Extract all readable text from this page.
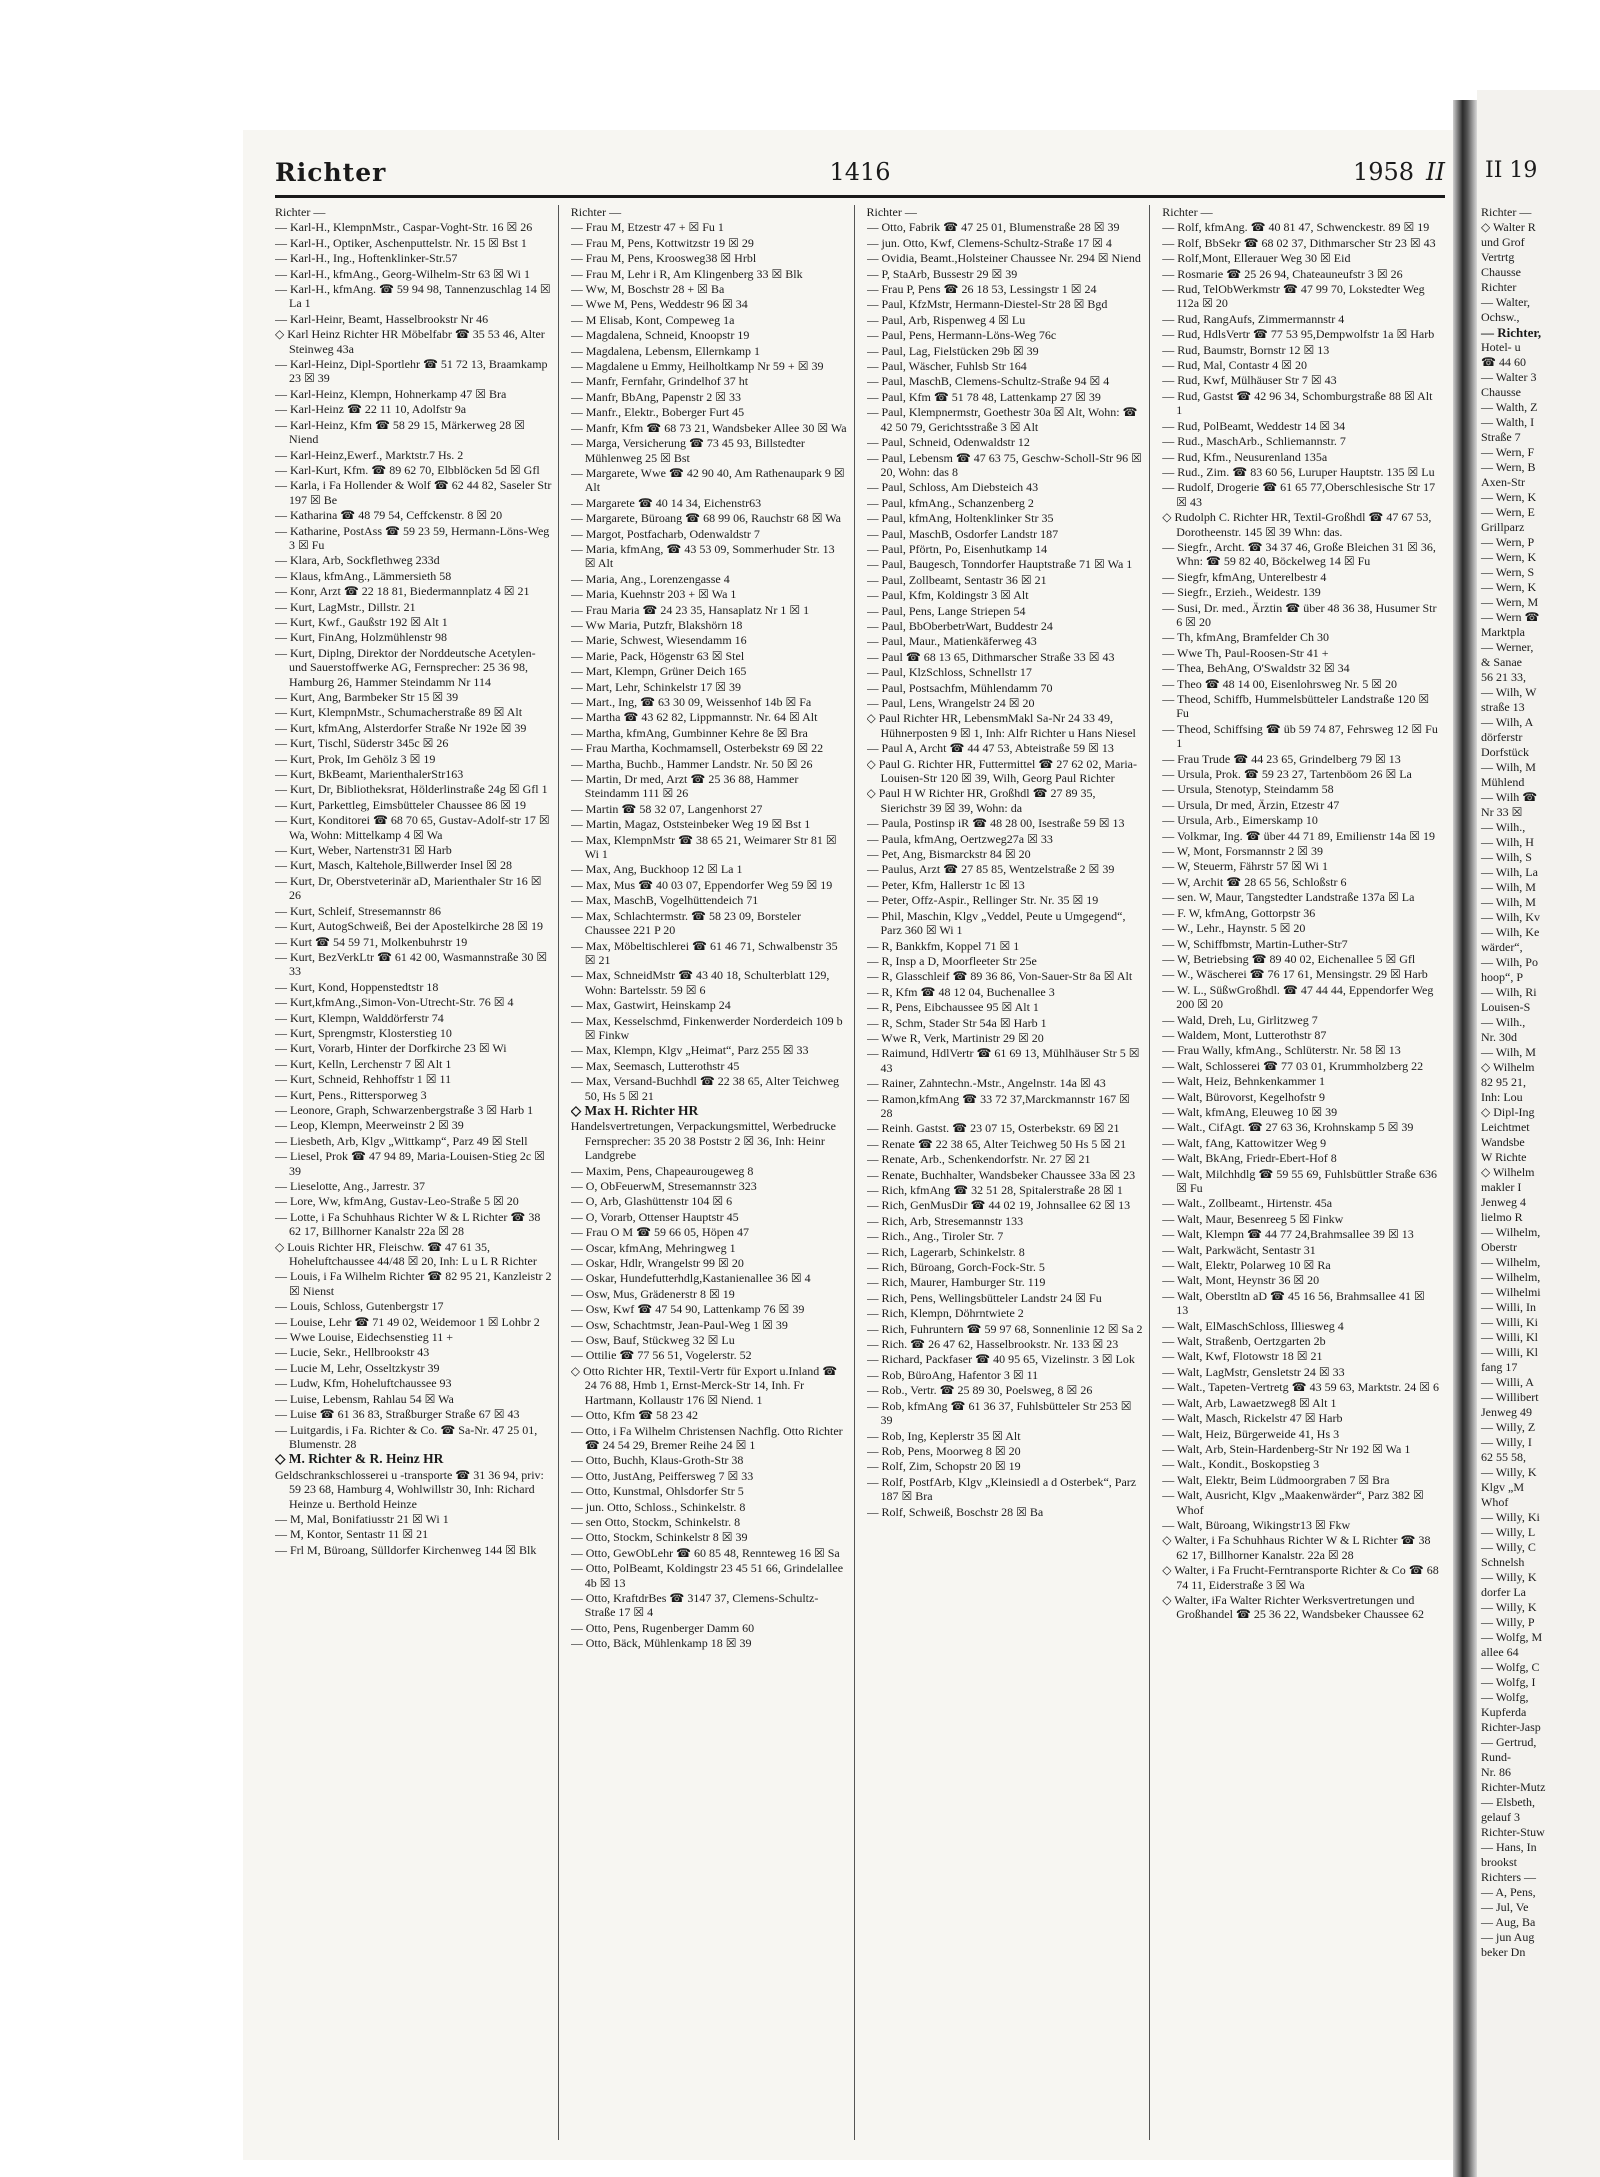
Richter	1416	1958 II
Richter —
— Karl-H., KlempnMstr., Caspar-Voght-Str. 16 ☒ 26
— Karl-H., Optiker, Aschenputtelstr. Nr. 15 ☒ Bst 1
— Karl-H., Ing., Hoftenklinker-Str.57
— Karl-H., kfmAng., Georg-Wilhelm-Str 63 ☒ Wi 1
— Karl-H., kfmAng. ☎ 59 94 98, Tannenzuschlag 14 ☒ La 1
— Karl-Heinr, Beamt, Hasselbrookstr Nr 46
◇ Karl Heinz Richter HR Möbelfabr ☎ 35 53 46, Alter Steinweg 43a
— Karl-Heinz, Dipl-Sportlehr ☎ 51 72 13, Braamkamp 23 ☒ 39
— Karl-Heinz, Klempn, Hohnerkamp 47 ☒ Bra
— Karl-Heinz ☎ 22 11 10, Adolfstr 9a
— Karl-Heinz, Kfm ☎ 58 29 15, Märkerweg 28 ☒ Niend
— Karl-Heinz,Ewerf., Marktstr.7 Hs. 2
— Karl-Kurt, Kfm. ☎ 89 62 70, Elbblöcken 5d ☒ Gfl
— Karla, i Fa Hollender & Wolf ☎ 62 44 82, Saseler Str 197 ☒ Be
— Katharina ☎ 48 79 54, Ceffckenstr. 8 ☒ 20
— Katharine, PostAss ☎ 59 23 59, Hermann-Löns-Weg 3 ☒ Fu
— Klara, Arb, Sockflethweg 233d
— Klaus, kfmAng., Lämmersieth 58
— Konr, Arzt ☎ 22 18 81, Biedermannplatz 4 ☒ 21
— Kurt, LagMstr., Dillstr. 21
— Kurt, Kwf., Gaußstr 192 ☒ Alt 1
— Kurt, FinAng, Holzmühlenstr 98
— Kurt, Diplng, Direktor der Norddeutsche Acetylen- und Sauerstoffwerke AG, Fernsprecher: 25 36 98, Hamburg 26, Hammer Steindamm Nr 114
— Kurt, Ang, Barmbeker Str 15 ☒ 39
— Kurt, KlempnMstr., Schumacherstraße 89 ☒ Alt
— Kurt, kfmAng, Alsterdorfer Straße Nr 192e ☒ 39
— Kurt, Tischl, Süderstr 345c ☒ 26
— Kurt, Prok, Im Gehölz 3 ☒ 19
— Kurt, BkBeamt, MarienthalerStr163
— Kurt, Dr, Bibliotheksrat, Hölderlinstraße 24g ☒ Gfl 1
— Kurt, Parkettleg, Eimsbütteler Chaussee 86 ☒ 19
— Kurt, Konditorei ☎ 68 70 65, Gustav-Adolf-str 17 ☒ Wa, Wohn: Mittelkamp 4 ☒ Wa
— Kurt, Weber, Nartenstr31 ☒ Harb
— Kurt, Masch, Kaltehole,Billwerder Insel ☒ 28
— Kurt, Dr, Oberstveterinär aD, Marienthaler Str 16 ☒ 26
— Kurt, Schleif, Stresemannstr 86
— Kurt, AutogSchweiß, Bei der Apostelkirche 28 ☒ 19
— Kurt ☎ 54 59 71, Molkenbuhrstr 19
— Kurt, BezVerkLtr ☎ 61 42 00, Wasmannstraße 30 ☒ 33
— Kurt, Kond, Hoppenstedtstr 18
— Kurt,kfmAng.,Simon-Von-Utrecht-Str. 76 ☒ 4
— Kurt, Klempn, Walddörferstr 74
— Kurt, Sprengmstr, Klosterstieg 10
— Kurt, Vorarb, Hinter der Dorfkirche 23 ☒ Wi
— Kurt, Kelln, Lerchenstr 7 ☒ Alt 1
— Kurt, Schneid, Rehhoffstr 1 ☒ 11
— Kurt, Pens., Rittersporweg 3
— Leonore, Graph, Schwarzenbergstraße 3 ☒ Harb 1
— Leop, Klempn, Meerweinstr 2 ☒ 39
— Liesbeth, Arb, Klgv „Wittkamp“, Parz 49 ☒ Stell
— Liesel, Prok ☎ 47 94 89, Maria-Louisen-Stieg 2c ☒ 39
— Lieselotte, Ang., Jarrestr. 37
— Lore, Ww, kfmAng, Gustav-Leo-Straße 5 ☒ 20
— Lotte, i Fa Schuhhaus Richter W & L Richter ☎ 38 62 17, Billhorner Kanalstr 22a ☒ 28
◇ Louis Richter HR, Fleischw. ☎ 47 61 35, Hoheluftchaussee 44/48 ☒ 20, Inh: L u L R Richter
— Louis, i Fa Wilhelm Richter ☎ 82 95 21, Kanzleistr 2 ☒ Nienst
— Louis, Schloss, Gutenbergstr 17
— Louise, Lehr ☎ 71 49 02, Weidemoor 1 ☒ Lohbr 2
— Wwe Louise, Eidechsenstieg 11 +
— Lucie, Sekr., Hellbrookstr 43
— Lucie M, Lehr, Osseltzkystr 39
— Ludw, Kfm, Hoheluftchaussee 93
— Luise, Lebensm, Rahlau 54 ☒ Wa
— Luise ☎ 61 36 83, Straßburger Straße 67 ☒ 43
— Luitgardis, i Fa. Richter & Co. ☎ Sa-Nr. 47 25 01, Blumenstr. 28
◇ M. Richter & R. Heinz HR
Geldschrankschlosserei u -transporte ☎ 31 36 94, priv: 59 23 68, Hamburg 4, Wohlwillstr 30, Inh: Richard Heinze u. Berthold Heinze
— M, Mal, Bonifatiusstr 21 ☒ Wi 1
— M, Kontor, Sentastr 11 ☒ 21
— Frl M, Büroang, Sülldorfer Kirchenweg 144 ☒ Blk
Richter —
— Frau M, Etzestr 47 + ☒ Fu 1
— Frau M, Pens, Kottwitzstr 19 ☒ 29
— Frau M, Pens, Kroosweg38 ☒ Hrbl
— Frau M, Lehr i R, Am Klingenberg 33 ☒ Blk
— Ww, M, Boschstr 28 + ☒ Ba
— Wwe M, Pens, Weddestr 96 ☒ 34
— M Elisab, Kont, Compeweg 1a
— Magdalena, Schneid, Knoopstr 19
— Magdalena, Lebensm, Ellernkamp 1
— Magdalene u Emmy, Heilholtkamp Nr 59 + ☒ 39
— Manfr, Fernfahr, Grindelhof 37 ht
— Manfr, BbAng, Papenstr 2 ☒ 33
— Manfr., Elektr., Boberger Furt 45
— Manfr, Kfm ☎ 68 73 21, Wandsbeker Allee 30 ☒ Wa
— Marga, Versicherung ☎ 73 45 93, Billstedter Mühlenweg 25 ☒ Bst
— Margarete, Wwe ☎ 42 90 40, Am Rathenaupark 9 ☒ Alt
— Margarete ☎ 40 14 34, Eichenstr63
— Margarete, Büroang ☎ 68 99 06, Rauchstr 68 ☒ Wa
— Margot, Postfacharb, Odenwaldstr 7
— Maria, kfmAng, ☎ 43 53 09, Sommerhuder Str. 13 ☒ Alt
— Maria, Ang., Lorenzengasse 4
— Maria, Kuehnstr 203 + ☒ Wa 1
— Frau Maria ☎ 24 23 35, Hansaplatz Nr 1 ☒ 1
— Ww Maria, Putzfr, Blakshörn 18
— Marie, Schwest, Wiesendamm 16
— Marie, Pack, Högenstr 63 ☒ Stel
— Mart, Klempn, Grüner Deich 165
— Mart, Lehr, Schinkelstr 17 ☒ 39
— Mart., Ing, ☎ 63 30 09, Weissenhof 14b ☒ Fa
— Martha ☎ 43 62 82, Lippmannstr. Nr. 64 ☒ Alt
— Martha, kfmAng, Gumbinner Kehre 8e ☒ Bra
— Frau Martha, Kochmamsell, Osterbekstr 69 ☒ 22
— Martha, Buchb., Hammer Landstr. Nr. 50 ☒ 26
— Martin, Dr med, Arzt ☎ 25 36 88, Hammer Steindamm 111 ☒ 26
— Martin ☎ 58 32 07, Langenhorst 27
— Martin, Magaz, Oststeinbeker Weg 19 ☒ Bst 1
— Max, KlempnMstr ☎ 38 65 21, Weimarer Str 81 ☒ Wi 1
— Max, Ang, Buckhoop 12 ☒ La 1
— Max, Mus ☎ 40 03 07, Eppendorfer Weg 59 ☒ 19
— Max, MaschB, Vogelhüttendeich 71
— Max, Schlachtermstr. ☎ 58 23 09, Borsteler Chaussee 221 P 20
— Max, Möbeltischlerei ☎ 61 46 71, Schwalbenstr 35 ☒ 21
— Max, SchneidMstr ☎ 43 40 18, Schulterblatt 129, Wohn: Bartelsstr. 59 ☒ 6
— Max, Gastwirt, Heinskamp 24
— Max, Kesselschmd, Finkenwerder Norderdeich 109 b ☒ Finkw
— Max, Klempn, Klgv „Heimat“, Parz 255 ☒ 33
— Max, Seemasch, Lutterothstr 45
— Max, Versand-Buchhdl ☎ 22 38 65, Alter Teichweg 50, Hs 5 ☒ 21
◇ Max H. Richter HR
Handelsvertretungen, Verpackungsmittel, Werbedrucke Fernsprecher: 35 20 38 Poststr 2 ☒ 36, Inh: Heinr Landgrebe
— Maxim, Pens, Chapeaurougeweg 8
— O, ObFeuerwM, Stresemannstr 323
— O, Arb, Glashüttenstr 104 ☒ 6
— O, Vorarb, Ottenser Hauptstr 45
— Frau O M ☎ 59 66 05, Höpen 47
— Oscar, kfmAng, Mehringweg 1
— Oskar, Hdlr, Wrangelstr 99 ☒ 20
— Oskar, Hundefutterhdlg,Kastanienallee 36 ☒ 4
— Osw, Mus, Grädenerstr 8 ☒ 19
— Osw, Kwf ☎ 47 54 90, Lattenkamp 76 ☒ 39
— Osw, Schachtmstr, Jean-Paul-Weg 1 ☒ 39
— Osw, Bauf, Stückweg 32 ☒ Lu
— Ottilie ☎ 77 56 51, Vogelerstr. 52
◇ Otto Richter HR, Textil-Vertr für Export u.Inland ☎ 24 76 88, Hmb 1, Ernst-Merck-Str 14, Inh. Fr Hartmann, Kollaustr 176 ☒ Niend. 1
— Otto, Kfm ☎ 58 23 42
— Otto, i Fa Wilhelm Christensen Nachflg. Otto Richter ☎ 24 54 29, Bremer Reihe 24 ☒ 1
— Otto, Buchh, Klaus-Groth-Str 38
— Otto, JustAng, Peiffersweg 7 ☒ 33
— Otto, Kunstmal, Ohlsdorfer Str 5
— jun. Otto, Schloss., Schinkelstr. 8
— sen Otto, Stockm, Schinkelstr. 8
— Otto, Stockm, Schinkelstr 8 ☒ 39
— Otto, GewObLehr ☎ 60 85 48, Rennteweg 16 ☒ Sa
— Otto, PolBeamt, Koldingstr 23 45 51 66, Grindelallee 4b ☒ 13
— Otto, KraftdrBes ☎ 3147 37, Clemens-Schultz-Straße 17 ☒ 4
— Otto, Pens, Rugenberger Damm 60
— Otto, Bäck, Mühlenkamp 18 ☒ 39
Richter —
— Otto, Fabrik ☎ 47 25 01, Blumenstraße 28 ☒ 39
— jun. Otto, Kwf, Clemens-Schultz-Straße 17 ☒ 4
— Ovidia, Beamt.,Holsteiner Chaussee Nr. 294 ☒ Niend
— P, StaArb, Bussestr 29 ☒ 39
— Frau P, Pens ☎ 26 18 53, Lessingstr 1 ☒ 24
— Paul, KfzMstr, Hermann-Diestel-Str 28 ☒ Bgd
— Paul, Arb, Rispenweg 4 ☒ Lu
— Paul, Pens, Hermann-Löns-Weg 76c
— Paul, Lag, Fielstücken 29b ☒ 39
— Paul, Wäscher, Fuhlsb Str 164
— Paul, MaschB, Clemens-Schultz-Straße 94 ☒ 4
— Paul, Kfm ☎ 51 78 48, Lattenkamp 27 ☒ 39
— Paul, Klempnermstr, Goethestr 30a ☒ Alt, Wohn: ☎ 42 50 79, Gerichtsstraße 3 ☒ Alt
— Paul, Schneid, Odenwaldstr 12
— Paul, Lebensm ☎ 47 63 75, Geschw-Scholl-Str 96 ☒ 20, Wohn: das 8
— Paul, Schloss, Am Diebsteich 43
— Paul, kfmAng., Schanzenberg 2
— Paul, kfmAng, Holtenklinker Str 35
— Paul, MaschB, Osdorfer Landstr 187
— Paul, Pförtn, Po, Eisenhutkamp 14
— Paul, Baugesch, Tonndorfer Hauptstraße 71 ☒ Wa 1
— Paul, Zollbeamt, Sentastr 36 ☒ 21
— Paul, Kfm, Koldingstr 3 ☒ Alt
— Paul, Pens, Lange Striepen 54
— Paul, BbOberbetrWart, Buddestr 24
— Paul, Maur., Matienkäferweg 43
— Paul ☎ 68 13 65, Dithmarscher Straße 33 ☒ 43
— Paul, KlzSchloss, Schnellstr 17
— Paul, Postsachfm, Mühlendamm 70
— Paul, Lens, Wrangelstr 24 ☒ 20
◇ Paul Richter HR, LebensmMakl Sa-Nr 24 33 49, Hühnerposten 9 ☒ 1, Inh: Alfr Richter u Hans Niesel
— Paul A, Archt ☎ 44 47 53, Abteistraße 59 ☒ 13
◇ Paul G. Richter HR, Futtermittel ☎ 27 62 02, Maria-Louisen-Str 120 ☒ 39, Wilh, Georg Paul Richter
◇ Paul H W Richter HR, Großhdl ☎ 27 89 35, Sierichstr 39 ☒ 39, Wohn: da
— Paula, Postinsp iR ☎ 48 28 00, Isestraße 59 ☒ 13
— Paula, kfmAng, Oertzweg27a ☒ 33
— Pet, Ang, Bismarckstr 84 ☒ 20
— Paulus, Arzt ☎ 27 85 85, Wentzelstraße 2 ☒ 39
— Peter, Kfm, Hallerstr 1c ☒ 13
— Peter, Offz-Aspir., Rellinger Str. Nr. 35 ☒ 19
— Phil, Maschin, Klgv „Veddel, Peute u Umgegend“, Parz 360 ☒ Wi 1
— R, Bankkfm, Koppel 71 ☒ 1
— R, Insp a D, Moorfleeter Str 25e
— R, Glasschleif ☎ 89 36 86, Von-Sauer-Str 8a ☒ Alt
— R, Kfm ☎ 48 12 04, Buchenallee 3
— R, Pens, Eibchaussee 95 ☒ Alt 1
— R, Schm, Stader Str 54a ☒ Harb 1
— Wwe R, Verk, Martinistr 29 ☒ 20
— Raimund, HdlVertr ☎ 61 69 13, Mühlhäuser Str 5 ☒ 43
— Rainer, Zahntechn.-Mstr., Angelnstr. 14a ☒ 43
— Ramon,kfmAng ☎ 33 72 37,Marckmannstr 167 ☒ 28
— Reinh. Gastst. ☎ 23 07 15, Osterbekstr. 69 ☒ 21
— Renate ☎ 22 38 65, Alter Teichweg 50 Hs 5 ☒ 21
— Renate, Arb., Schenkendorfstr. Nr. 27 ☒ 21
— Renate, Buchhalter, Wandsbeker Chaussee 33a ☒ 23
— Rich, kfmAng ☎ 32 51 28, Spitalerstraße 28 ☒ 1
— Rich, GenMusDir ☎ 44 02 19, Johnsallee 62 ☒ 13
— Rich, Arb, Stresemannstr 133
— Rich., Ang., Tiroler Str. 7
— Rich, Lagerarb, Schinkelstr. 8
— Rich, Büroang, Gorch-Fock-Str. 5
— Rich, Maurer, Hamburger Str. 119
— Rich, Pens, Wellingsbütteler Landstr 24 ☒ Fu
— Rich, Klempn, Döhrntwiete 2
— Rich, Fuhruntern ☎ 59 97 68, Sonnenlinie 12 ☒ Sa 2
— Rich. ☎ 26 47 62, Hasselbrookstr. Nr. 133 ☒ 23
— Richard, Packfaser ☎ 40 95 65, Vizelinstr. 3 ☒ Lok
— Rob, BüroAng, Hafentor 3 ☒ 11
— Rob., Vertr. ☎ 25 89 30, Poelsweg, 8 ☒ 26
— Rob, kfmAng ☎ 61 36 37, Fuhlsbütteler Str 253 ☒ 39
— Rob, Ing, Keplerstr 35 ☒ Alt
— Rob, Pens, Moorweg 8 ☒ 20
— Rolf, Zim, Schopstr 20 ☒ 19
— Rolf, PostfArb, Klgv „Kleinsiedl a d Osterbek“, Parz 187 ☒ Bra
— Rolf, Schweiß, Boschstr 28 ☒ Ba
Richter —
— Rolf, kfmAng. ☎ 40 81 47, Schwenckestr. 89 ☒ 19
— Rolf, BbSekr ☎ 68 02 37, Dithmarscher Str 23 ☒ 43
— Rolf,Mont, Ellerauer Weg 30 ☒ Eid
— Rosmarie ☎ 25 26 94, Chateauneufstr 3 ☒ 26
— Rud, TelObWerkmstr ☎ 47 99 70, Lokstedter Weg 112a ☒ 20
— Rud, RangAufs, Zimmermannstr 4
— Rud, HdlsVertr ☎ 77 53 95,Dempwolfstr 1a ☒ Harb
— Rud, Baumstr, Bornstr 12 ☒ 13
— Rud, Mal, Contastr 4 ☒ 20
— Rud, Kwf, Mülhäuser Str 7 ☒ 43
— Rud, Gastst ☎ 42 96 34, Schomburgstraße 88 ☒ Alt 1
— Rud, PolBeamt, Weddestr 14 ☒ 34
— Rud., MaschArb., Schliemannstr. 7
— Rud, Kfm., Neusurenland 135a
— Rud., Zim. ☎ 83 60 56, Luruper Hauptstr. 135 ☒ Lu
— Rudolf, Drogerie ☎ 61 65 77,Oberschlesische Str 17 ☒ 43
◇ Rudolph C. Richter HR, Textil-Großhdl ☎ 47 67 53, Dorotheenstr. 145 ☒ 39 Whn: das.
— Siegfr., Archt. ☎ 34 37 46, Große Bleichen 31 ☒ 36, Whn: ☎ 59 82 40, Böckelweg 14 ☒ Fu
— Siegfr, kfmAng, Unterelbestr 4
— Siegfr., Erzieh., Weidestr. 139
— Susi, Dr. med., Ärztin ☎ über 48 36 38, Husumer Str 6 ☒ 20
— Th, kfmAng, Bramfelder Ch 30
— Wwe Th, Paul-Roosen-Str 41 +
— Thea, BehAng, O'Swaldstr 32 ☒ 34
— Theo ☎ 48 14 00, Eisenlohrsweg Nr. 5 ☒ 20
— Theod, Schiffb, Hummelsbütteler Landstraße 120 ☒ Fu
— Theod, Schiffsing ☎ üb 59 74 87, Fehrsweg 12 ☒ Fu 1
— Frau Trude ☎ 44 23 65, Grindelberg 79 ☒ 13
— Ursula, Prok. ☎ 59 23 27, Tartenböom 26 ☒ La
— Ursula, Stenotyp, Steindamm 58
— Ursula, Dr med, Ärzin, Etzestr 47
— Ursula, Arb., Eimerskamp 10
— Volkmar, Ing. ☎ über 44 71 89, Emilienstr 14a ☒ 19
— W, Mont, Forsmannstr 2 ☒ 39
— W, Steuerm, Fährstr 57 ☒ Wi 1
— W, Archit ☎ 28 65 56, Schloßstr 6
— sen. W, Maur, Tangstedter Landstraße 137a ☒ La
— F. W, kfmAng, Gottorpstr 36
— W., Lehr., Haynstr. 5 ☒ 20
— W, Schiffbmstr, Martin-Luther-Str7
— W, Betriebsing ☎ 89 40 02, Eichenallee 5 ☒ Gfl
— W., Wäscherei ☎ 76 17 61, Mensingstr. 29 ☒ Harb
— W. L., SüßwGroßhdl. ☎ 47 44 44, Eppendorfer Weg 200 ☒ 20
— Wald, Dreh, Lu, Girlitzweg 7
— Waldem, Mont, Lutterothstr 87
— Frau Wally, kfmAng., Schlüterstr. Nr. 58 ☒ 13
— Walt, Schlosserei ☎ 77 03 01, Krummholzberg 22
— Walt, Heiz, Behnkenkammer 1
— Walt, Bürovorst, Kegelhofstr 9
— Walt, kfmAng, Eleuweg 10 ☒ 39
— Walt., CifAgt. ☎ 27 63 36, Krohnskamp 5 ☒ 39
— Walt, fAng, Kattowitzer Weg 9
— Walt, BkAng, Friedr-Ebert-Hof 8
— Walt, Milchhdlg ☎ 59 55 69, Fuhlsbüttler Straße 636 ☒ Fu
— Walt., Zollbeamt., Hirtenstr. 45a
— Walt, Maur, Besenreeg 5 ☒ Finkw
— Walt, Klempn ☎ 44 77 24,Brahmsallee 39 ☒ 13
— Walt, Parkwächt, Sentastr 31
— Walt, Elektr, Polarweg 10 ☒ Ra
— Walt, Mont, Heynstr 36 ☒ 20
— Walt, Oberstltn aD ☎ 45 16 56, Brahmsallee 41 ☒ 13
— Walt, ElMaschSchloss, Illiesweg 4
— Walt, Straßenb, Oertzgarten 2b
— Walt, Kwf, Flotowstr 18 ☒ 21
— Walt, LagMstr, Gensletstr 24 ☒ 33
— Walt., Tapeten-Vertretg ☎ 43 59 63, Marktstr. 24 ☒ 6
— Walt, Arb, Lawaetzweg8 ☒ Alt 1
— Walt, Masch, Rickelstr 47 ☒ Harb
— Walt, Heiz, Bürgerweide 41, Hs 3
— Walt, Arb, Stein-Hardenberg-Str Nr 192 ☒ Wa 1
— Walt., Kondit., Boskopstieg 3
— Walt, Elektr, Beim Lüdmoorgraben 7 ☒ Bra
— Walt, Ausricht, Klgv „Maakenwärder“, Parz 382 ☒ Whof
— Walt, Büroang, Wikingstr13 ☒ Fkw
◇ Walter, i Fa Schuhhaus Richter W & L Richter ☎ 38 62 17, Billhorner Kanalstr. 22a ☒ 28
◇ Walter, i Fa Frucht-Ferntransporte Richter & Co ☎ 68 74 11, Eiderstraße 3 ☒ Wa
◇ Walter, iFa Walter Richter Werksvertretungen und Großhandel ☎ 25 36 22, Wandsbeker Chaussee 62
II 19
Richter —
◇ Walter R
und Grof
Vertrtg
Chausse
Richter
— Walter,
Ochsw.,
— Richter,
Hotel- u
☎ 44 60
— Walter 3
Chausse
— Walth, Z
— Walth, I
Straße 7
— Wern, F
— Wern, B
Axen-Str
— Wern, K
— Wern, E
Grillparz
— Wern, P
— Wern, K
— Wern, S
— Wern, K
— Wern, M
— Wern ☎
Marktpla
— Werner,
& Sanae
56 21 33,
— Wilh, W
straße 13
— Wilh, A
dörferstr
Dorfstück
— Wilh, M
Mühlend
— Wilh ☎
Nr 33 ☒
— Wilh.,
— Wilh, H
— Wilh, S
— Wilh, La
— Wilh, M
— Wilh, M
— Wilh, Kv
— Wilh, Ke
wärder“,
— Wilh, Po
hoop“, P
— Wilh, Ri
Louisen-S
— Wilh.,
Nr. 30d
— Wilh, M
◇ Wilhelm
82 95 21,
Inh: Lou
◇ Dipl-Ing
Leichtmet
Wandsbe
W Richte
◇ Wilhelm
makler I
Jenweg 4
lielmo R
— Wilhelm,
Oberstr
— Wilhelm,
— Wilhelm,
— Wilhelmi
— Willi, In
— Willi, Ki
— Willi, Kl
— Willi, Kl
fang 17
— Willi, A
— Willibert
Jenweg 49
— Willy, Z
— Willy, I
62 55 58,
— Willy, K
Klgv „M
Whof
— Willy, Ki
— Willy, L
— Willy, C
Schnelsh
— Willy, K
dorfer La
— Willy, K
— Willy, P
— Wolfg, M
allee 64
— Wolfg, C
— Wolfg, I
— Wolfg,
Kupferda
Richter-Jasp
— Gertrud,
Rund-
Nr. 86
Richter-Mutz
— Elsbeth,
gelauf 3
Richter-Stuw
— Hans, In
brookst
Richters —
— A, Pens,
— Jul, Ve
— Aug, Ba
— jun Aug
beker Dn
